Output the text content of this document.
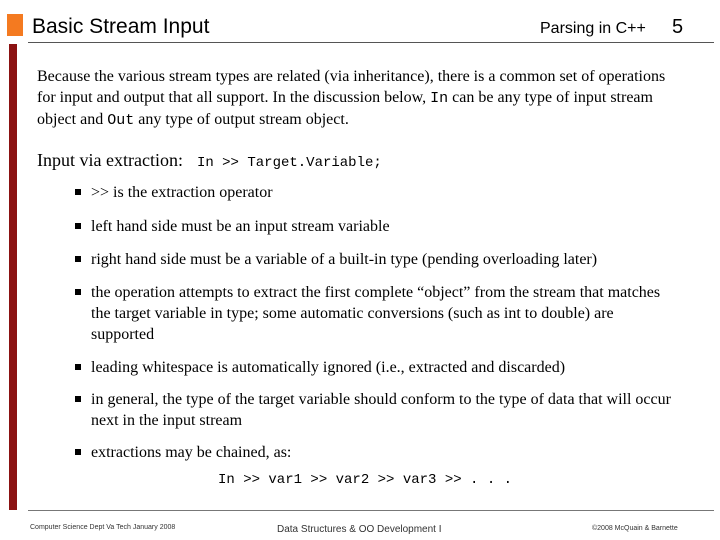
Basic Stream Input	Parsing in C++ 5
Because the various stream types are related (via inheritance), there is a common set of operations for input and output that all support. In the discussion below, In can be any type of input stream object and Out any type of output stream object.
Input via extraction: In >> Target.Variable;
>> is the extraction operator
left hand side must be an input stream variable
right hand side must be a variable of a built-in type (pending overloading later)
the operation attempts to extract the first complete “object” from the stream that matches the target variable in type; some automatic conversions (such as int to double) are supported
leading whitespace is automatically ignored (i.e., extracted and discarded)
in general, the type of the target variable should conform to the type of data that will occur next in the input stream
extractions may be chained, as:
In >> var1 >> var2 >> var3 >> . . .
Computer Science Dept Va Tech January 2008	Data Structures & OO Development I	©2008 McQuain & Barnette
